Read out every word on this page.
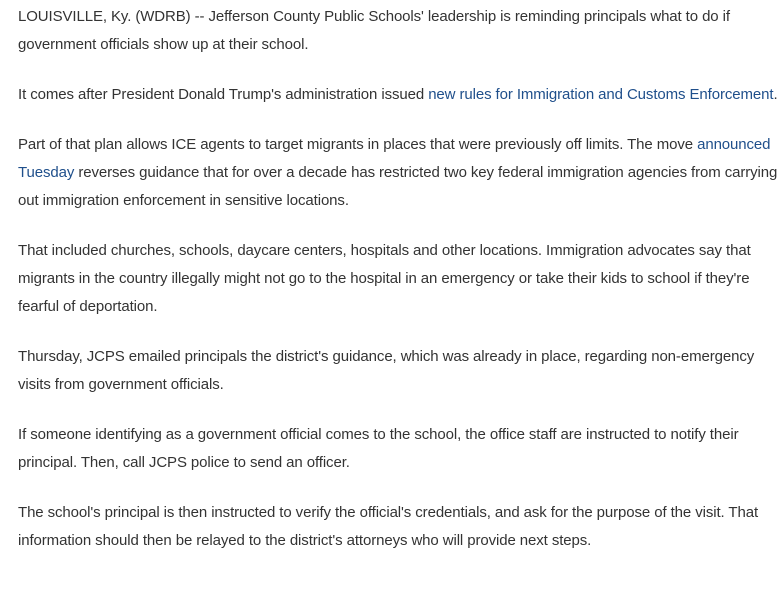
LOUISVILLE, Ky. (WDRB) -- Jefferson County Public Schools' leadership is reminding principals what to do if government officials show up at their school.

It comes after President Donald Trump's administration issued new rules for Immigration and Customs Enforcement.

Part of that plan allows ICE agents to target migrants in places that were previously off limits. The move announced Tuesday reverses guidance that for over a decade has restricted two key federal immigration agencies from carrying out immigration enforcement in sensitive locations.

That included churches, schools, daycare centers, hospitals and other locations. Immigration advocates say that migrants in the country illegally might not go to the hospital in an emergency or take their kids to school if they're fearful of deportation.

Thursday, JCPS emailed principals the district's guidance, which was already in place, regarding non-emergency visits from government officials.

If someone identifying as a government official comes to the school, the office staff are instructed to notify their principal. Then, call JCPS police to send an officer.

The school's principal is then instructed to verify the official's credentials, and ask for the purpose of the visit. That information should then be relayed to the district's attorneys who will provide next steps.
